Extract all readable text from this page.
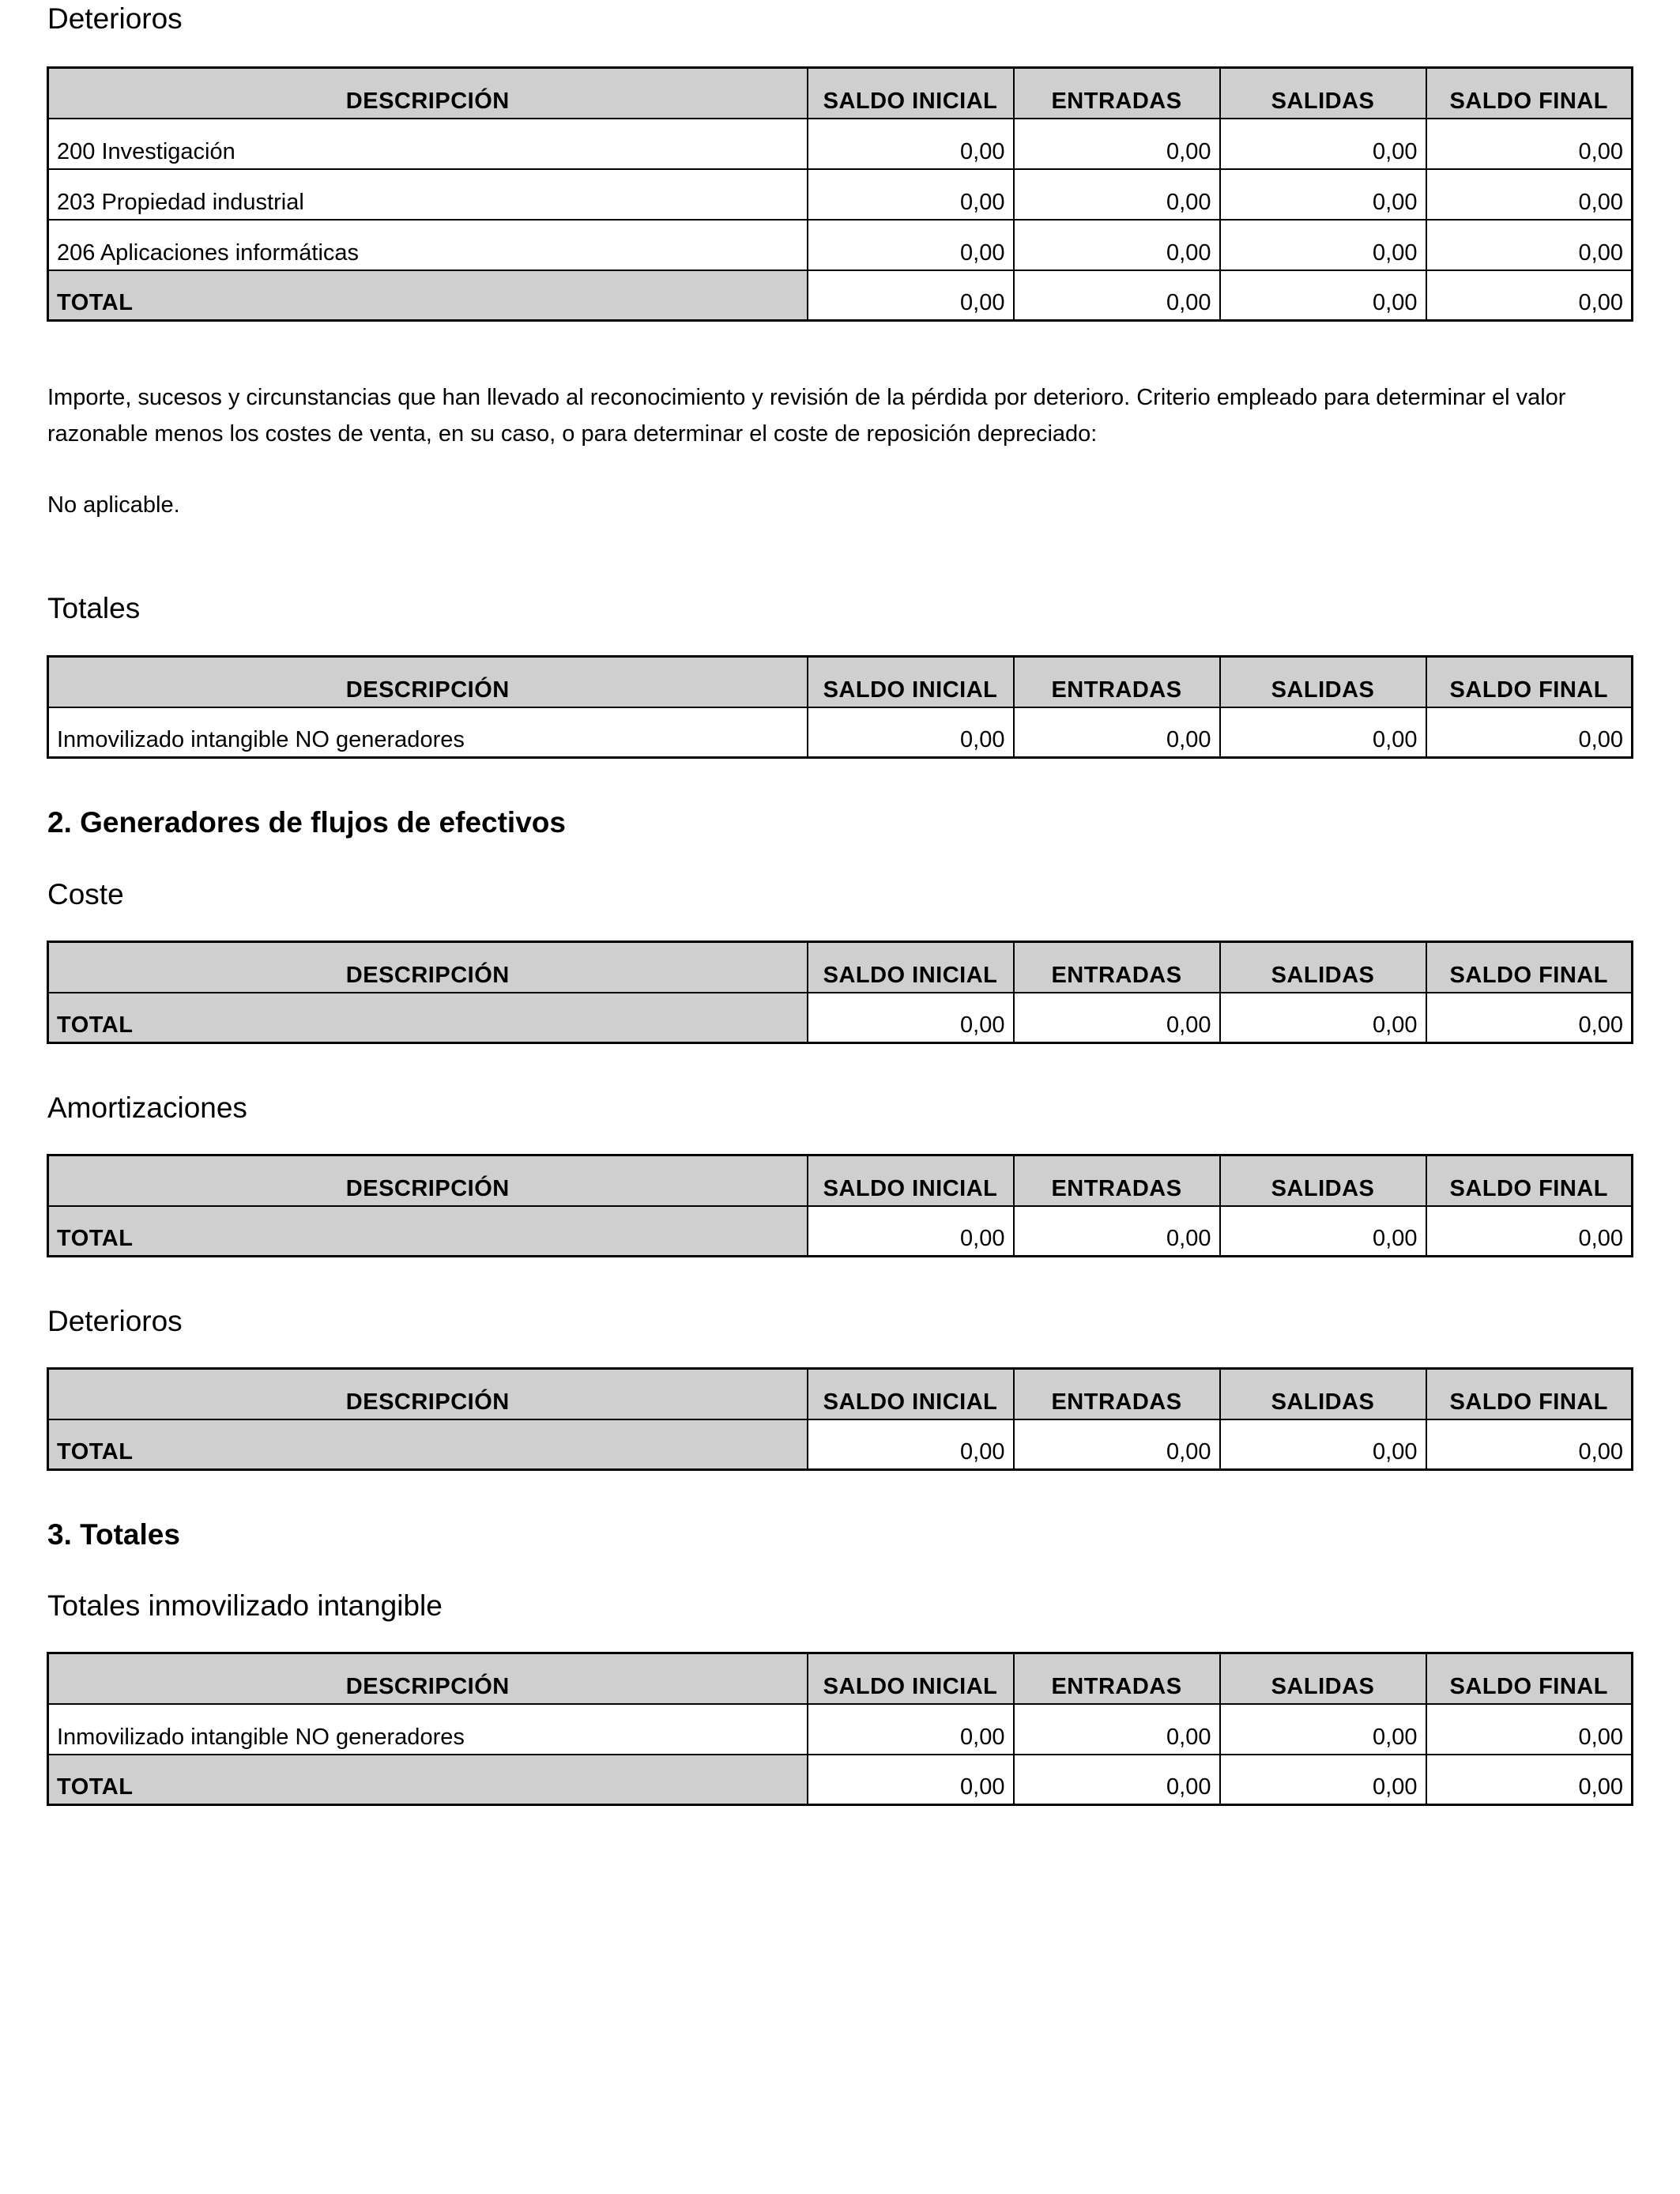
Deterioros
DESCRIPCIÓN	SALDO INICIAL	ENTRADAS	SALIDAS	SALDO FINAL
200 Investigación	0,00	0,00	0,00	0,00
203 Propiedad industrial	0,00	0,00	0,00	0,00
206 Aplicaciones informáticas	0,00	0,00	0,00	0,00
TOTAL	0,00	0,00	0,00	0,00

Importe, sucesos y circunstancias que han llevado al reconocimiento y revisión de la pérdida por deterioro. Criterio empleado para determinar el valor razonable menos los costes de venta, en su caso, o para determinar el coste de reposición depreciado:

No aplicable.

Totales
DESCRIPCIÓN	SALDO INICIAL	ENTRADAS	SALIDAS	SALDO FINAL
Inmovilizado intangible NO generadores	0,00	0,00	0,00	0,00
2. Generadores de flujos de efectivos
Coste
DESCRIPCIÓN	SALDO INICIAL	ENTRADAS	SALIDAS	SALDO FINAL
TOTAL	0,00	0,00	0,00	0,00
Amortizaciones
DESCRIPCIÓN	SALDO INICIAL	ENTRADAS	SALIDAS	SALDO FINAL
TOTAL	0,00	0,00	0,00	0,00
Deterioros
DESCRIPCIÓN	SALDO INICIAL	ENTRADAS	SALIDAS	SALDO FINAL
TOTAL	0,00	0,00	0,00	0,00
3. Totales
Totales inmovilizado intangible
DESCRIPCIÓN	SALDO INICIAL	ENTRADAS	SALIDAS	SALDO FINAL
Inmovilizado intangible NO generadores	0,00	0,00	0,00	0,00
TOTAL	0,00	0,00	0,00	0,00
